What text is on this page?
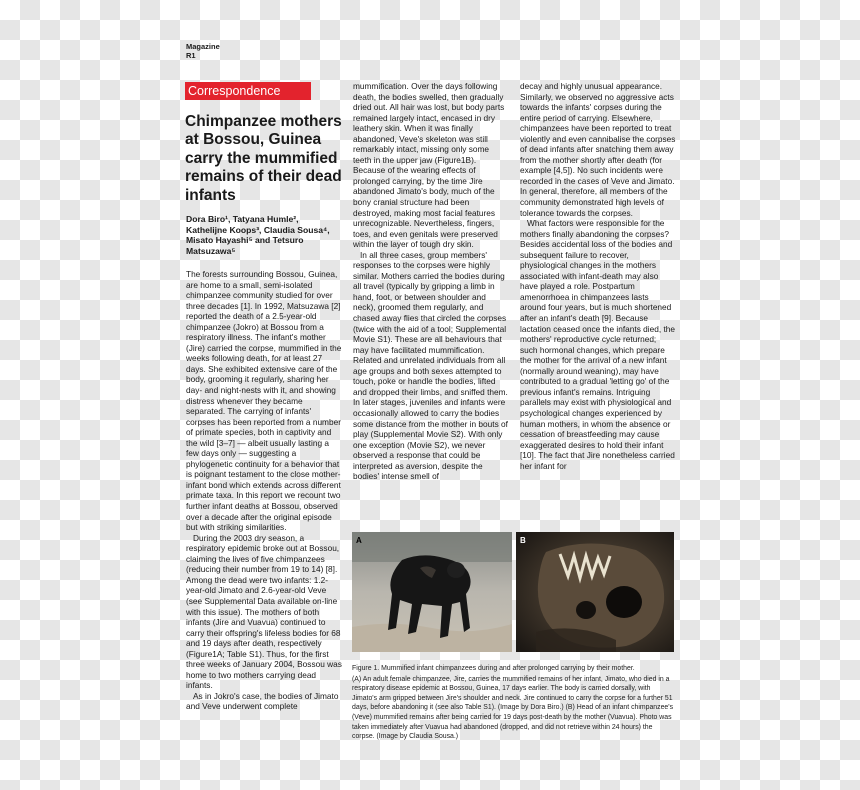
Magazine
R1
Correspondence
Chimpanzee mothers at Bossou, Guinea carry the mummified remains of their dead infants
Dora Biro¹, Tatyana Humle², Kathelijne Koops³, Claudia Sousa⁴, Misato Hayashi⁵ and Tetsuro Matsuzawa⁵

The forests surrounding Bossou, Guinea, are home to a small, semi-isolated chimpanzee community studied for over three decades [1]. In 1992, Matsuzawa [2] reported the death of a 2.5-year-old chimpanzee (Jokro) at Bossou from a respiratory illness. The infant's mother (Jire) carried the corpse, mummified in the weeks following death, for at least 27 days. She exhibited extensive care of the body, grooming it regularly, sharing her day- and night-nests with it, and showing distress whenever they became separated. The carrying of infants' corpses has been reported from a number of primate species, both in captivity and the wild [3–7] — albeit usually lasting a few days only — suggesting a phylogenetic continuity for a behavior that is poignant testament to the close mother-infant bond which extends across different primate taxa. In this report we recount two further infant deaths at Bossou, observed over a decade after the original episode but with striking similarities.

During the 2003 dry season, a respiratory epidemic broke out at Bossou, claiming the lives of five chimpanzees (reducing their number from 19 to 14) [8]. Among the dead were two infants: 1.2-year-old Jimato and 2.6-year-old Veve (see Supplemental Data available on-line with this issue). The mothers of both infants (Jire and Vuavua) continued to carry their offspring's lifeless bodies for 68 and 19 days after death, respectively (Figure1A; Table S1). Thus, for the first three weeks of January 2004, Bossou was home to two mothers carrying dead infants.

As in Jokro's case, the bodies of Jimato and Veve underwent complete

mummification. Over the days following death, the bodies swelled, then gradually dried out. All hair was lost, but body parts remained largely intact, encased in dry leathery skin. When it was finally abandoned, Veve's skeleton was still remarkably intact, missing only some teeth in the upper jaw (Figure1B). Because of the wearing effects of prolonged carrying, by the time Jire abandoned Jimato's body, much of the bony cranial structure had been destroyed, making most facial features unrecognizable. Nevertheless, fingers, toes, and even genitals were preserved within the layer of tough dry skin.

In all three cases, group members' responses to the corpses were highly similar. Mothers carried the bodies during all travel (typically by gripping a limb in hand, foot, or between shoulder and neck), groomed them regularly, and chased away flies that circled the corpses (twice with the aid of a tool; Supplemental Movie S1). These are all behaviours that may have facilitated mummification. Related and unrelated individuals from all age groups and both sexes attempted to touch, poke or handle the bodies, lifted and dropped their limbs, and sniffed them. In later stages, juveniles and infants were occasionally allowed to carry the bodies some distance from the mother in bouts of play (Supplemental Movie S2). With only one exception (Movie S2), we never observed a response that could be interpreted as aversion, despite the bodies' intense smell of

decay and highly unusual appearance. Similarly, we observed no aggressive acts towards the infants' corpses during the entire period of carrying. Elsewhere, chimpanzees have been reported to treat violently and even cannibalise the corpses of dead infants after snatching them away from the mother shortly after death (for example [4,5]). No such incidents were recorded in the cases of Veve and Jimato. In general, therefore, all members of the community demonstrated high levels of tolerance towards the corpses.

What factors were responsible for the mothers finally abandoning the corpses? Besides accidental loss of the bodies and subsequent failure to recover, physiological changes in the mothers associated with infant-death may also have played a role. Postpartum amenorrhoea in chimpanzees lasts around four years, but is much shortened after an infant's death [9]. Because lactation ceased once the infants died, the mothers' reproductive cycle returned; such hormonal changes, which prepare the mother for the arrival of a new infant (normally around weaning), may have contributed to a gradual 'letting go' of the previous infant's remains. Intriguing parallels may exist with physiological and psychological changes experienced by human mothers, in whom the absence or cessation of breastfeeding may cause exaggerated desires to hold their infant [10]. The fact that Jire nonetheless carried her infant for

A	B

Figure 1. Mummified infant chimpanzees during and after prolonged carrying by their mother.

(A) An adult female chimpanzee, Jire, carries the mummified remains of her infant, Jimato, who died in a respiratory disease epidemic at Bossou, Guinea, 17 days earlier. The body is carried dorsally, with Jimato's arm gripped between Jire's shoulder and neck. Jire continued to carry the corpse for a further 51 days, before abandoning it (see also Table S1). (Image by Dora Biro.) (B) Head of an infant chimpanzee's (Veve) mummified remains after being carried for 19 days post-death by the mother (Vuavua). Photo was taken immediately after Vuavua had abandoned (dropped, and did not retrieve within 24 hours) the corpse. (Image by Claudia Sousa.)
